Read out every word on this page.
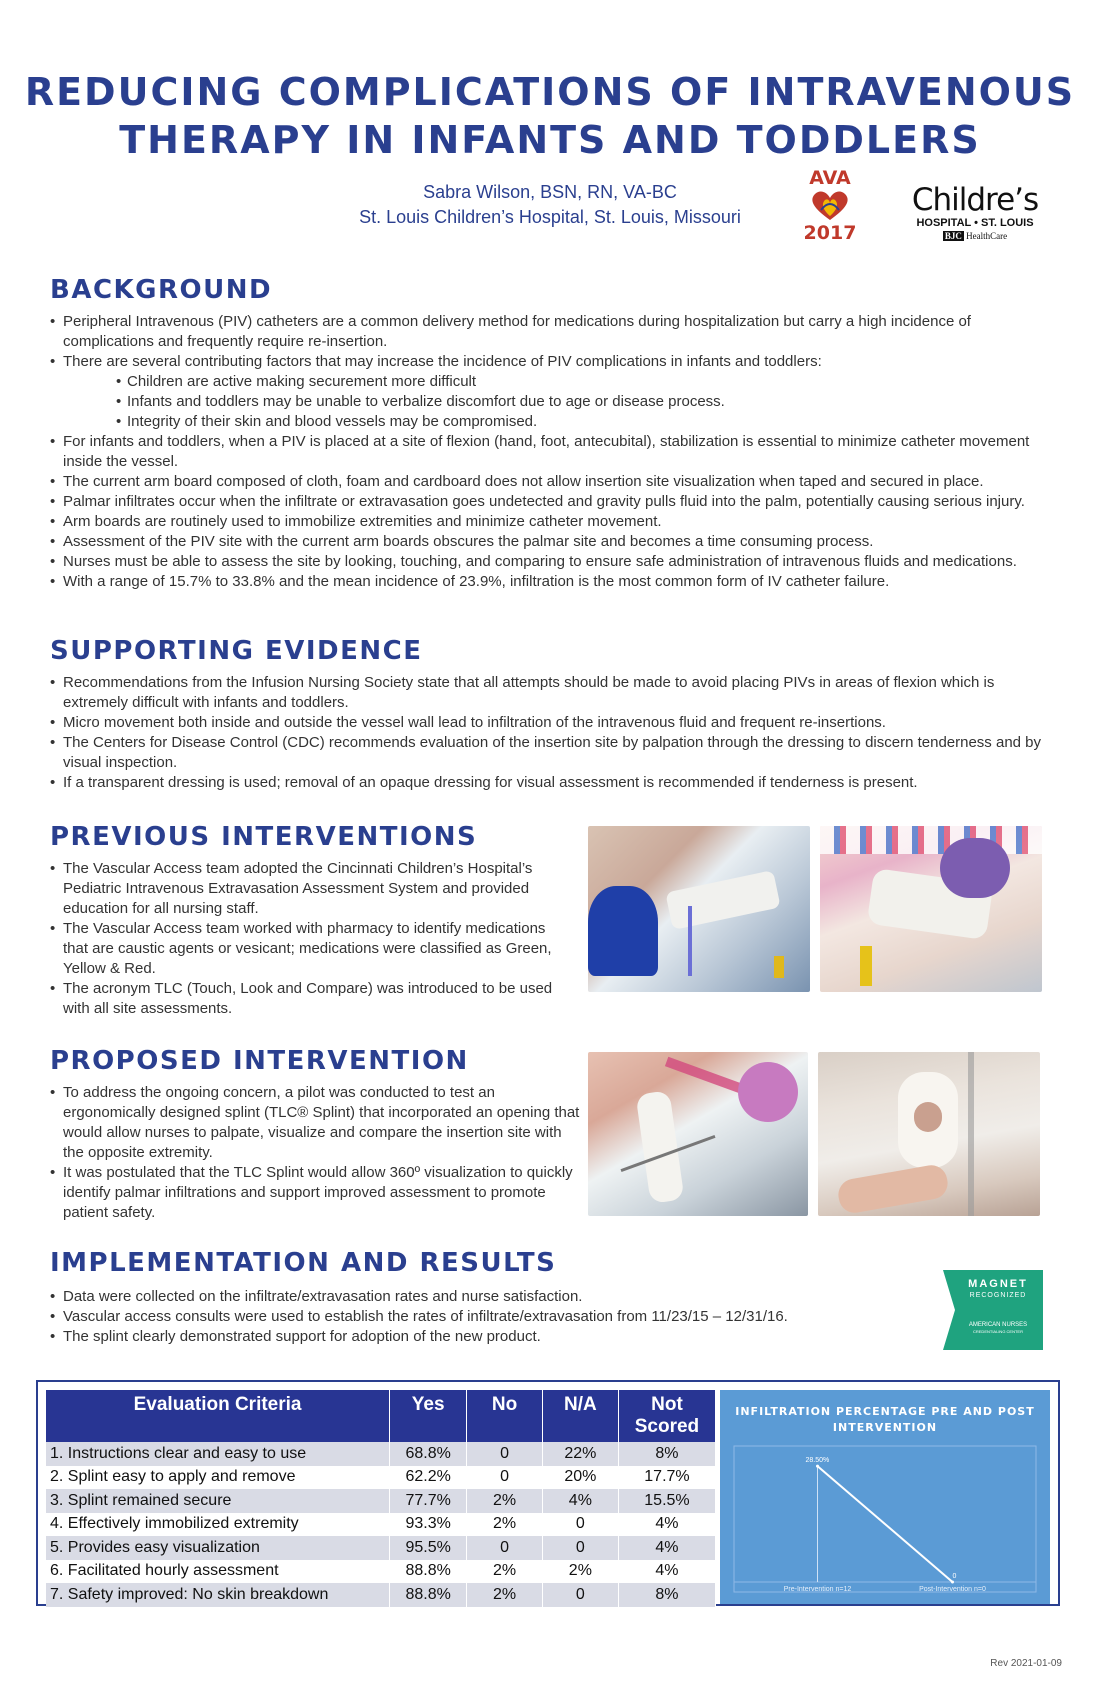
REDUCING COMPLICATIONS OF INTRAVENOUS
THERAPY IN INFANTS AND TODDLERS
Sabra Wilson, BSN, RN, VA-BC
St. Louis Children’s Hospital, St. Louis, Missouri
AVA
2017
Childre’s
HOSPITAL • ST. LOUIS
BJC HealthCare
BACKGROUND
• Peripheral Intravenous (PIV) catheters are a common delivery method for medications during hospitalization but carry a high incidence of complications and frequently require re-insertion.
• There are several contributing factors that may increase the incidence of PIV complications in infants and toddlers:
• Children are active making securement more difficult
• Infants and toddlers may be unable to verbalize discomfort due to age or disease process.
• Integrity of their skin and blood vessels may be compromised.
• For infants and toddlers, when a PIV is placed at a site of flexion (hand, foot, antecubital), stabilization is essential to minimize catheter movement inside the vessel.
• The current arm board composed of cloth, foam and cardboard does not allow insertion site visualization when taped and secured in place.
• Palmar infiltrates occur when the infiltrate or extravasation goes undetected and gravity pulls fluid into the palm, potentially causing serious injury.
• Arm boards are routinely used to immobilize extremities and minimize catheter movement.
• Assessment of the PIV site with the current arm boards obscures the palmar site and becomes a time consuming process.
• Nurses must be able to assess the site by looking, touching, and comparing to ensure safe administration of intravenous fluids and medications.
• With a range of 15.7% to 33.8% and the mean incidence of 23.9%, infiltration is the most common form of IV catheter failure.
SUPPORTING EVIDENCE
• Recommendations from the Infusion Nursing Society state that all attempts should be made to avoid placing PIVs in areas of flexion which is extremely difficult with infants and toddlers.
• Micro movement both inside and outside the vessel wall lead to infiltration of the intravenous fluid and frequent re-insertions.
• The Centers for Disease Control (CDC) recommends evaluation of the insertion site by palpation through the dressing to discern tenderness and by visual inspection.
• If a transparent dressing is used; removal of an opaque dressing for visual assessment is recommended if tenderness is present.
PREVIOUS INTERVENTIONS
• The Vascular Access team adopted the Cincinnati Children’s Hospital’s Pediatric Intravenous Extravasation Assessment System and provided education for all nursing staff.
• The Vascular Access team worked with pharmacy to identify medications that are caustic agents or vesicant; medications were classified as Green, Yellow & Red.
• The acronym TLC (Touch, Look and Compare) was introduced to be used with all site assessments.
PROPOSED INTERVENTION
• To address the ongoing concern, a pilot was conducted to test an ergonomically designed splint (TLC® Splint) that incorporated an opening that would allow nurses to palpate, visualize and compare the insertion site with the opposite extremity.
• It was postulated that the TLC Splint would allow 360º visualization to quickly identify palmar infiltrations and support improved assessment to promote patient safety.
IMPLEMENTATION AND RESULTS
• Data were collected on the infiltrate/extravasation rates and nurse satisfaction.
• Vascular access consults were used to establish the rates of infiltrate/extravasation from 11/23/15 – 12/31/16.
• The splint clearly demonstrated support for adoption of the new product.
MAGNET
RECOGNIZED
AMERICAN NURSES
CREDENTIALING CENTER
Evaluation Criteria	Yes	No	N/A	Not Scored
1. Instructions clear and easy to use	68.8%	0	22%	8%
2. Splint easy to apply and remove	62.2%	0	20%	17.7%
3. Splint remained secure	77.7%	2%	4%	15.5%
4. Effectively immobilized extremity	93.3%	2%	0	4%
5. Provides easy visualization	95.5%	0	0	4%
6. Facilitated hourly assessment	88.8%	2%	2%	4%
7. Safety improved: No skin breakdown	88.8%	2%	0	8%
INFILTRATION PERCENTAGE PRE AND POST INTERVENTION
28.50%
Pre-Intervention n=12
0
Post-Intervention n=0
Rev 2021-01-09
